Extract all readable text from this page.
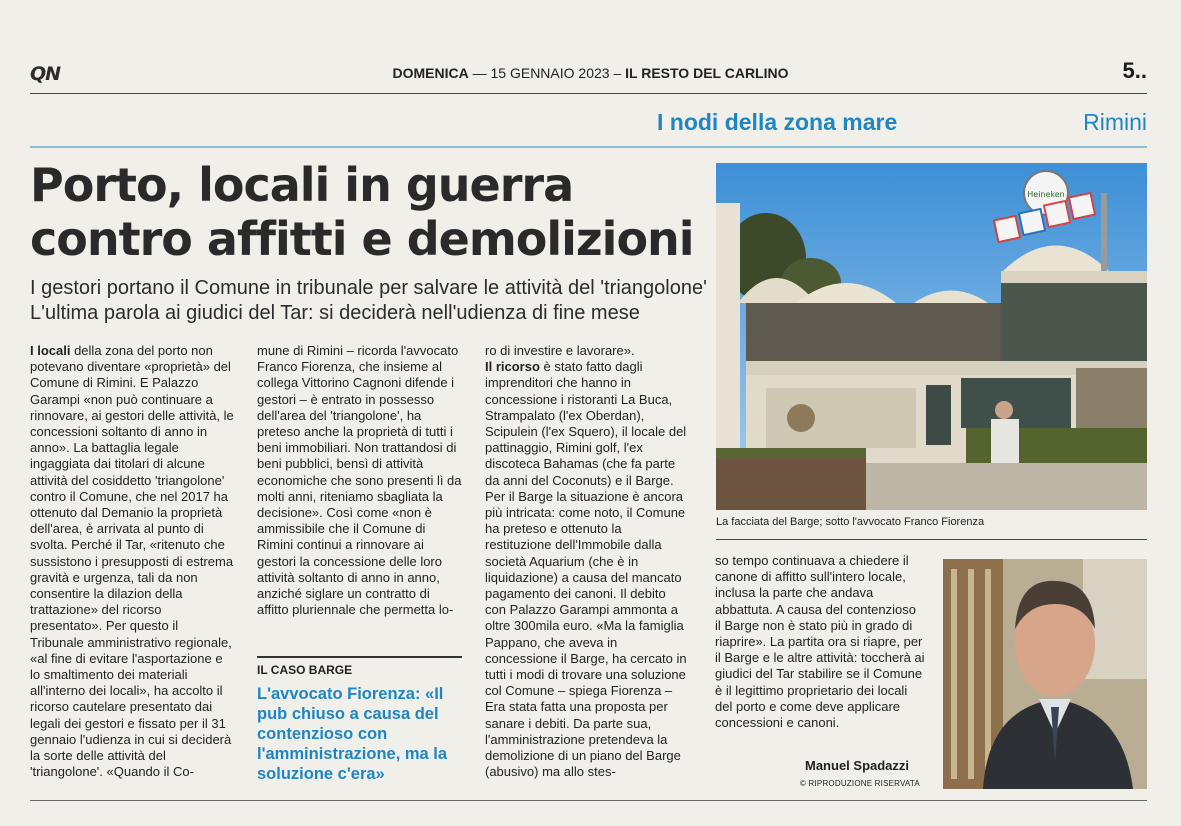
QN	DOMENICA — 15 GENNAIO 2023 – IL RESTO DEL CARLINO	5..
I nodi della zona mare	Rimini
Porto, locali in guerra
contro affitti e demolizioni
I gestori portano il Comune in tribunale per salvare le attività del 'triangolone'
L'ultima parola ai giudici del Tar: si deciderà nell'udienza di fine mese

I locali della zona del porto non potevano diventare «proprietà» del Comune di Rimini. E Palazzo Garampi «non può continuare a rinnovare, ai gestori delle attività, le concessioni soltanto di anno in anno». La battaglia legale ingaggiata dai titolari di alcune attività del cosiddetto 'triangolone' contro il Comune, che nel 2017 ha ottenuto dal Demanio la proprietà dell'area, è arrivata al punto di svolta. Perché il Tar, «ritenuto che sussistono i presupposti di estrema gravità e urgenza, tali da non consentire la dilazion della trattazione» del ricorso presentato». Per questo il Tribunale amministrativo regionale, «al fine di evitare l'asportazione e lo smaltimento dei materiali all'interno dei locali», ha accolto il ricorso cautelare presentato dai legali dei gestori e fissato per il 31 gennaio l'udienza in cui si deciderà la sorte delle attività del 'triangolone'. «Quando il Co-

mune di Rimini – ricorda l'avvocato Franco Fiorenza, che insieme al collega Vittorino Cagnoni difende i gestori – è entrato in possesso dell'area del 'triangolone', ha preteso anche la proprietà di tutti i beni immobiliari. Non trattandosi di beni pubblici, bensì di attività economiche che sono presenti lì da molti anni, riteniamo sbagliata la decisione». Così come «non è ammissibile che il Comune di Rimini continui a rinnovare ai gestori la concessione delle loro attività soltanto di anno in anno, anziché siglare un contratto di affitto pluriennale che permetta lo-

IL CASO BARGE
L'avvocato Fiorenza: «Il pub chiuso a causa del contenzioso con l'amministrazione, ma la soluzione c'era»

ro di investire e lavorare».

Il ricorso è stato fatto dagli imprenditori che hanno in concessione i ristoranti La Buca, Strampalato (l'ex Oberdan), Scipulein (l'ex Squero), il locale del pattinaggio, Rimini golf, l'ex discoteca Bahamas (che fa parte da anni del Coconuts) e il Barge. Per il Barge la situazione è ancora più intricata: come noto, il Comune ha preteso e ottenuto la restituzione dell'Immobile dalla società Aquarium (che è in liquidazione) a causa del mancato pagamento dei canoni. Il debito con Palazzo Garampi ammonta a oltre 300mila euro. «Ma la famiglia Pappano, che aveva in concessione il Barge, ha cercato in tutti i modi di trovare una soluzione col Comune – spiega Fiorenza – Era stata fatta una proposta per sanare i debiti. Da parte sua, l'amministrazione pretendeva la demolizione di un piano del Barge (abusivo) ma allo stes-

Heineken
La facciata del Barge; sotto l'avvocato Franco Fiorenza

so tempo continuava a chiedere il canone di affitto sull'intero locale, inclusa la parte che andava abbattuta. A causa del contenzioso il Barge non è stato più in grado di riaprire». La partita ora si riapre, per il Barge e le altre attività: toccherà ai giudici del Tar stabilire se il Comune è il legittimo proprietario dei locali del porto e come deve applicare concessioni e canoni.

Manuel Spadazzi
© RIPRODUZIONE RISERVATA
